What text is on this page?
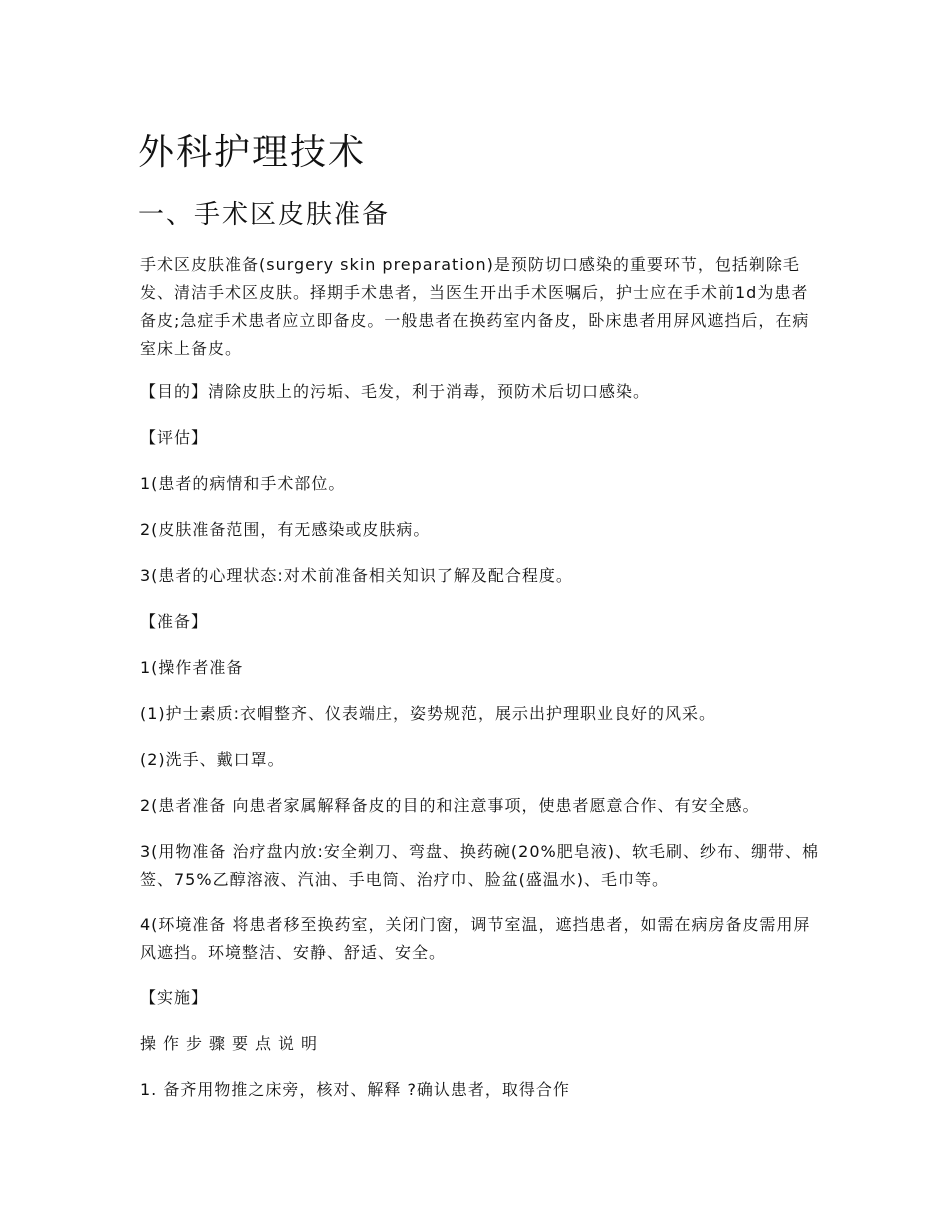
外科护理技术
一、手术区皮肤准备

手术区皮肤准备(surgery skin preparation)是预防切口感染的重要环节，包括剃除毛发、清洁手术区皮肤。择期手术患者，当医生开出手术医嘱后，护士应在手术前1d为患者备皮;急症手术患者应立即备皮。一般患者在换药室内备皮，卧床患者用屏风遮挡后，在病室床上备皮。

【目的】清除皮肤上的污垢、毛发，利于消毒，预防术后切口感染。

【评估】

1(患者的病情和手术部位。

2(皮肤准备范围，有无感染或皮肤病。

3(患者的心理状态:对术前准备相关知识了解及配合程度。

【准备】

1(操作者准备

(1)护士素质:衣帽整齐、仪表端庄，姿势规范，展示出护理职业良好的风采。

(2)洗手、戴口罩。

2(患者准备 向患者家属解释备皮的目的和注意事项，使患者愿意合作、有安全感。

3(用物准备 治疗盘内放:安全剃刀、弯盘、换药碗(20%肥皂液)、软毛刷、纱布、绷带、棉签、75%乙醇溶液、汽油、手电筒、治疗巾、脸盆(盛温水)、毛巾等。

4(环境准备 将患者移至换药室，关闭门窗，调节室温，遮挡患者，如需在病房备皮需用屏风遮挡。环境整洁、安静、舒适、安全。

【实施】

操作步骤要点说明

1. 备齐用物推之床旁，核对、解释 ?确认患者，取得合作
